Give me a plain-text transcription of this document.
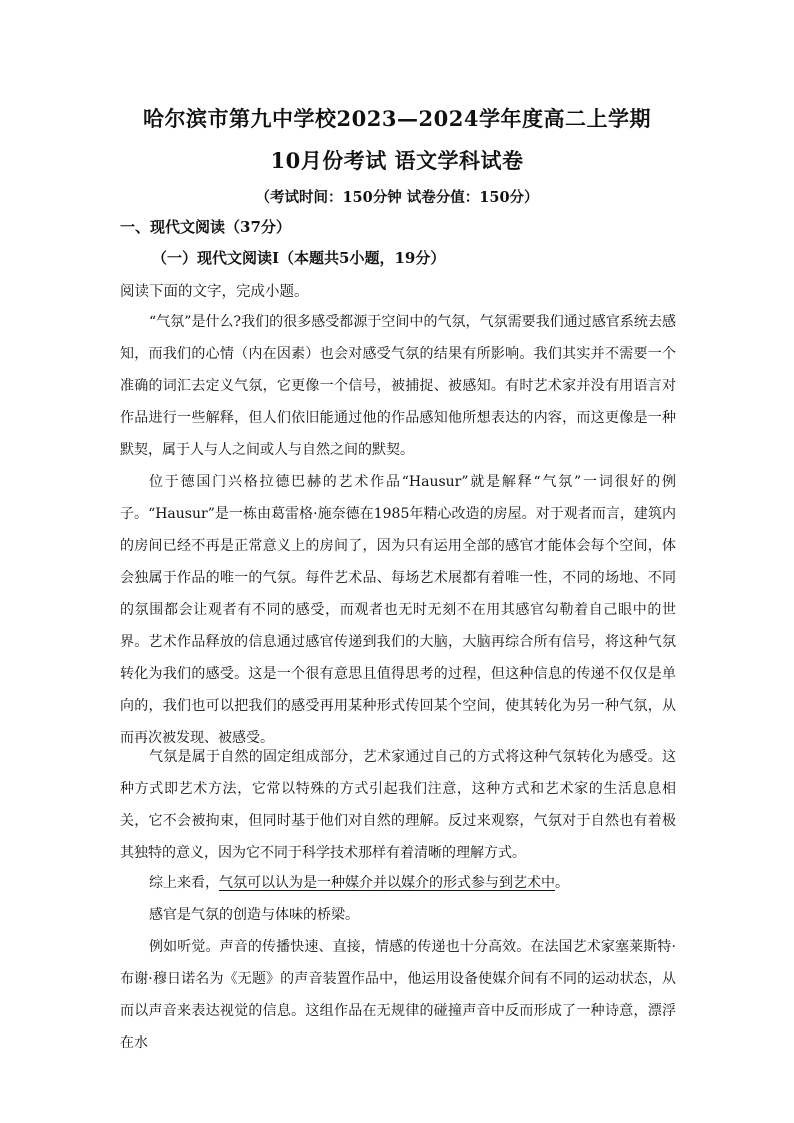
哈尔滨市第九中学校2023—2024学年度高二上学期
10月份考试 语文学科试卷
（考试时间：150分钟 试卷分值：150分）
一、现代文阅读（37分）
（一）现代文阅读Ⅰ（本题共5小题，19分）
阅读下面的文字，完成小题。
“气氛”是什么?我们的很多感受都源于空间中的气氛，气氛需要我们通过感官系统去感知，而我们的心情（内在因素）也会对感受气氛的结果有所影响。我们其实并不需要一个准确的词汇去定义气氛，它更像一个信号，被捕捉、被感知。有时艺术家并没有用语言对作品进行一些解释，但人们依旧能通过他的作品感知他所想表达的内容，而这更像是一种默契，属于人与人之间或人与自然之间的默契。
位于德国门兴格拉德巴赫的艺术作品“Hausur”就是解释“气氛”一词很好的例子。“Hausur”是一栋由葛雷格·施奈德在1985年精心改造的房屋。对于观者而言，建筑内的房间已经不再是正常意义上的房间了，因为只有运用全部的感官才能体会每个空间，体会独属于作品的唯一的气氛。每件艺术品、每场艺术展都有着唯一性，不同的场地、不同的氛围都会让观者有不同的感受，而观者也无时无刻不在用其感官勾勒着自己眼中的世界。艺术作品释放的信息通过感官传递到我们的大脑，大脑再综合所有信号，将这种气氛转化为我们的感受。这是一个很有意思且值得思考的过程，但这种信息的传递不仅仅是单向的，我们也可以把我们的感受再用某种形式传回某个空间，使其转化为另一种气氛，从而再次被发现、被感受。
气氛是属于自然的固定组成部分，艺术家通过自己的方式将这种气氛转化为感受。这种方式即艺术方法，它常以特殊的方式引起我们注意，这种方式和艺术家的生活息息相关，它不会被拘束，但同时基于他们对自然的理解。反过来观察，气氛对于自然也有着极其独特的意义，因为它不同于科学技术那样有着清晰的理解方式。
综上来看，气氛可以认为是一种媒介并以媒介的形式参与到艺术中。
感官是气氛的创造与体味的桥梁。
例如听觉。声音的传播快速、直接，情感的传递也十分高效。在法国艺术家塞莱斯特·布谢·穆日诺名为《无题》的声音装置作品中，他运用设备使媒介间有不同的运动状态，从而以声音来表达视觉的信息。这组作品在无规律的碰撞声音中反而形成了一种诗意，漂浮在水
